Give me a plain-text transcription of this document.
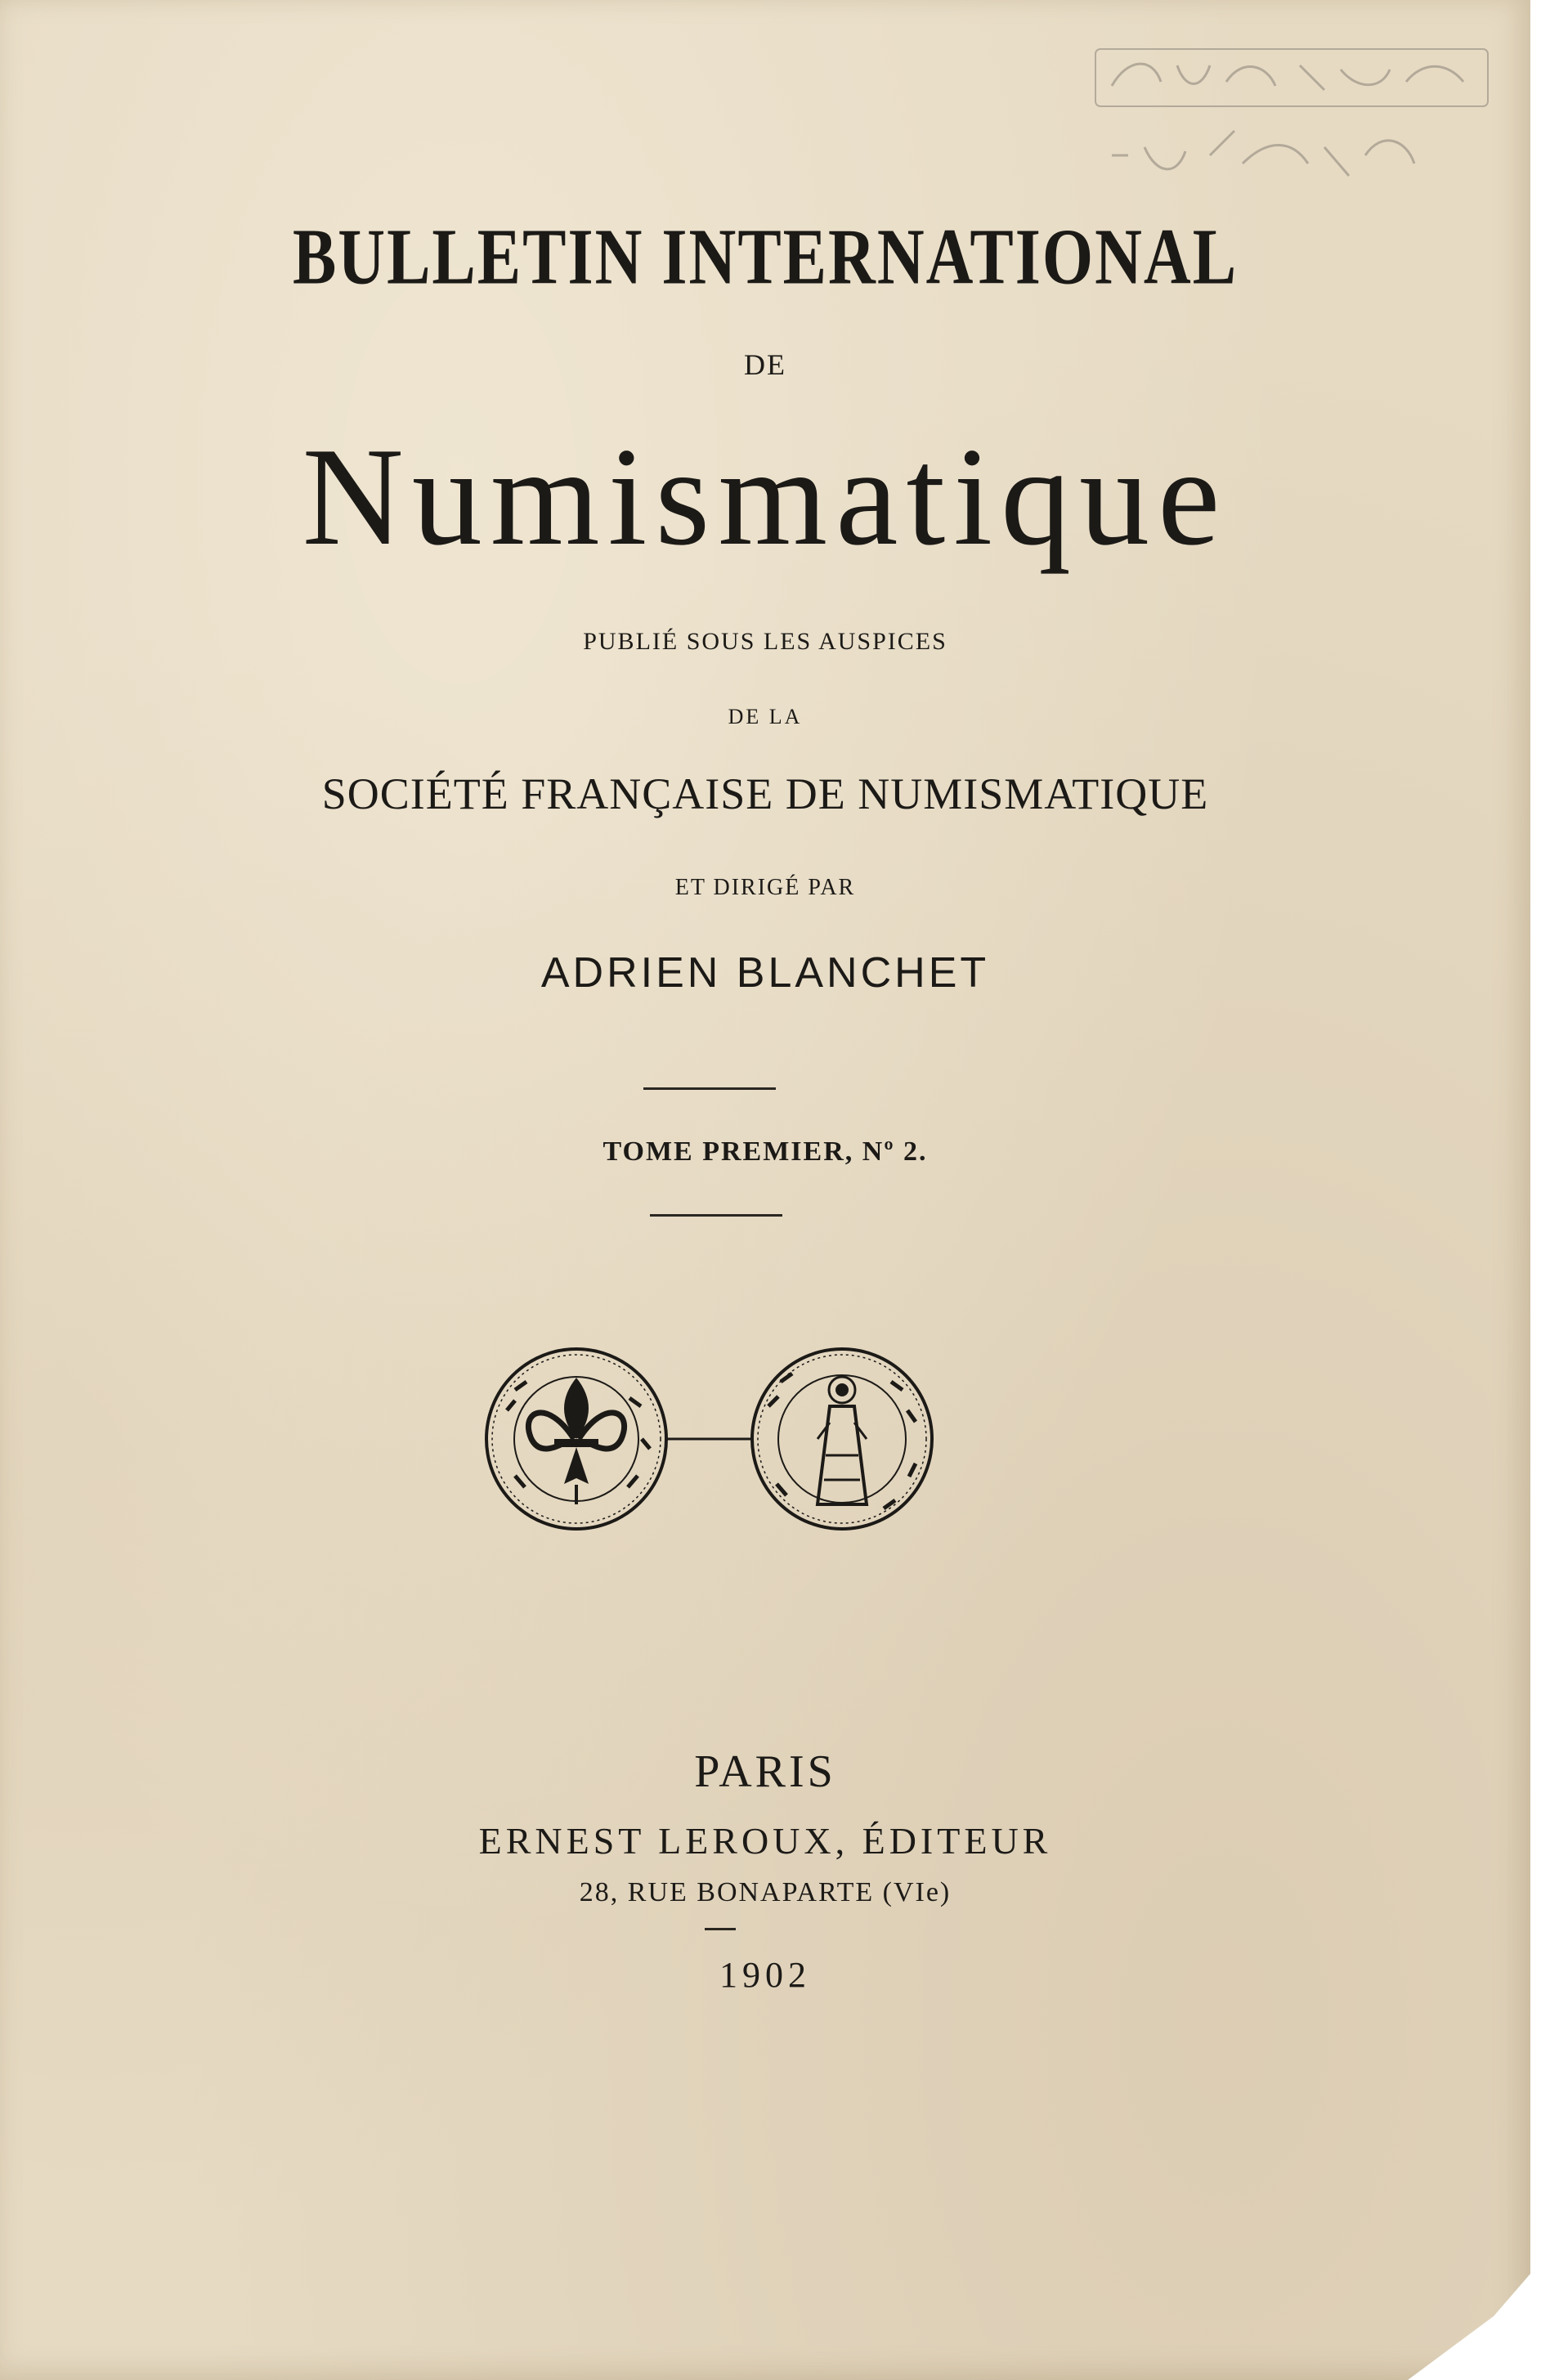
BULLETIN INTERNATIONAL
DE
Numismatique
PUBLIÉ SOUS LES AUSPICES
DE LA
SOCIÉTÉ FRANÇAISE DE NUMISMATIQUE
ET DIRIGÉ PAR
ADRIEN BLANCHET
TOME PREMIER, Nº 2.
PARIS
ERNEST LEROUX, ÉDITEUR
28, RUE BONAPARTE (VIe)
1902
